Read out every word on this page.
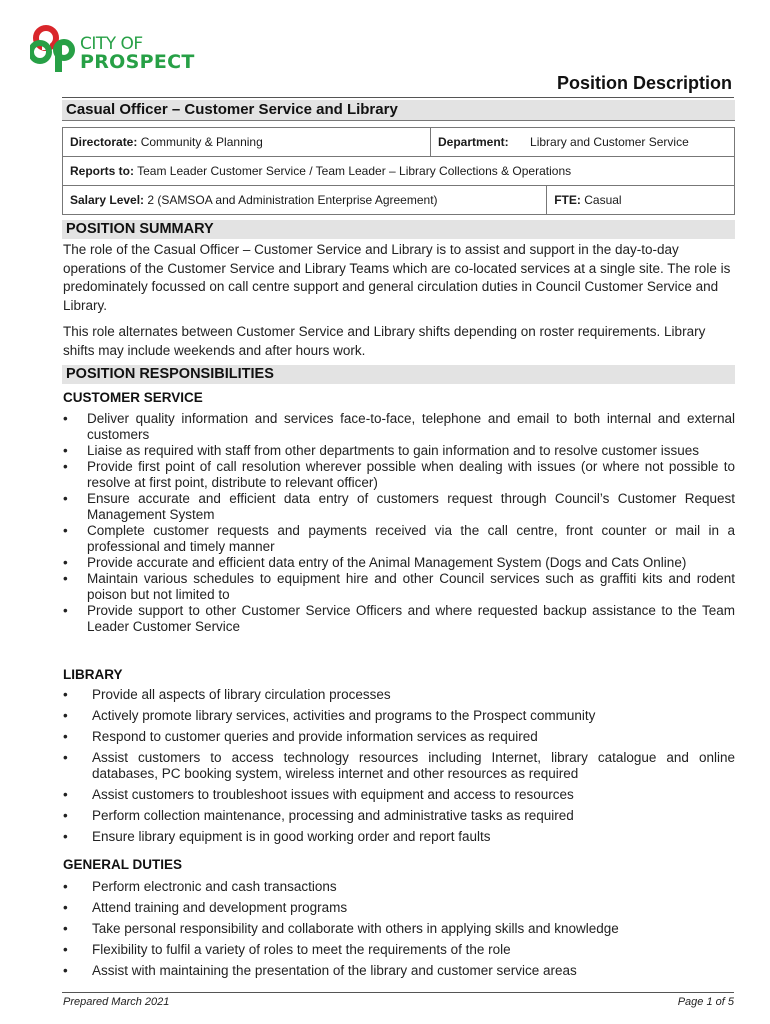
CITY OF
PROSPECT
Position Description
Casual Officer – Customer Service and Library
Directorate: Community & Planning	Department: Library and Customer Service	
Reports to: Team Leader Customer Service / Team Leader – Library Collections & Operations		
Salary Level: 2 (SAMSOA and Administration Enterprise Agreement)		FTE: Casual
POSITION SUMMARY
The role of the Casual Officer – Customer Service and Library is to assist and support in the day-to-day operations of the Customer Service and Library Teams which are co-located services at a single site. The role is predominately focussed on call centre support and general circulation duties in Council Customer Service and Library.
This role alternates between Customer Service and Library shifts depending on roster requirements. Library shifts may include weekends and after hours work.
POSITION RESPONSIBILITIES
CUSTOMER SERVICE
• Deliver quality information and services face-to-face, telephone and email to both internal and external customers
• Liaise as required with staff from other departments to gain information and to resolve customer issues
• Provide first point of call resolution wherever possible when dealing with issues (or where not possible to resolve at first point, distribute to relevant officer)
• Ensure accurate and efficient data entry of customers request through Council’s Customer Request Management System
• Complete customer requests and payments received via the call centre, front counter or mail in a professional and timely manner
• Provide accurate and efficient data entry of the Animal Management System (Dogs and Cats Online)
• Maintain various schedules to equipment hire and other Council services such as graffiti kits and rodent poison but not limited to
• Provide support to other Customer Service Officers and where requested backup assistance to the Team Leader Customer Service
LIBRARY
• Provide all aspects of library circulation processes
• Actively promote library services, activities and programs to the Prospect community
• Respond to customer queries and provide information services as required
• Assist customers to access technology resources including Internet, library catalogue and online databases, PC booking system, wireless internet and other resources as required
• Assist customers to troubleshoot issues with equipment and access to resources
• Perform collection maintenance, processing and administrative tasks as required
• Ensure library equipment is in good working order and report faults
GENERAL DUTIES
• Perform electronic and cash transactions
• Attend training and development programs
• Take personal responsibility and collaborate with others in applying skills and knowledge
• Flexibility to fulfil a variety of roles to meet the requirements of the role
• Assist with maintaining the presentation of the library and customer service areas
Prepared March 2021	Page 1 of 5
